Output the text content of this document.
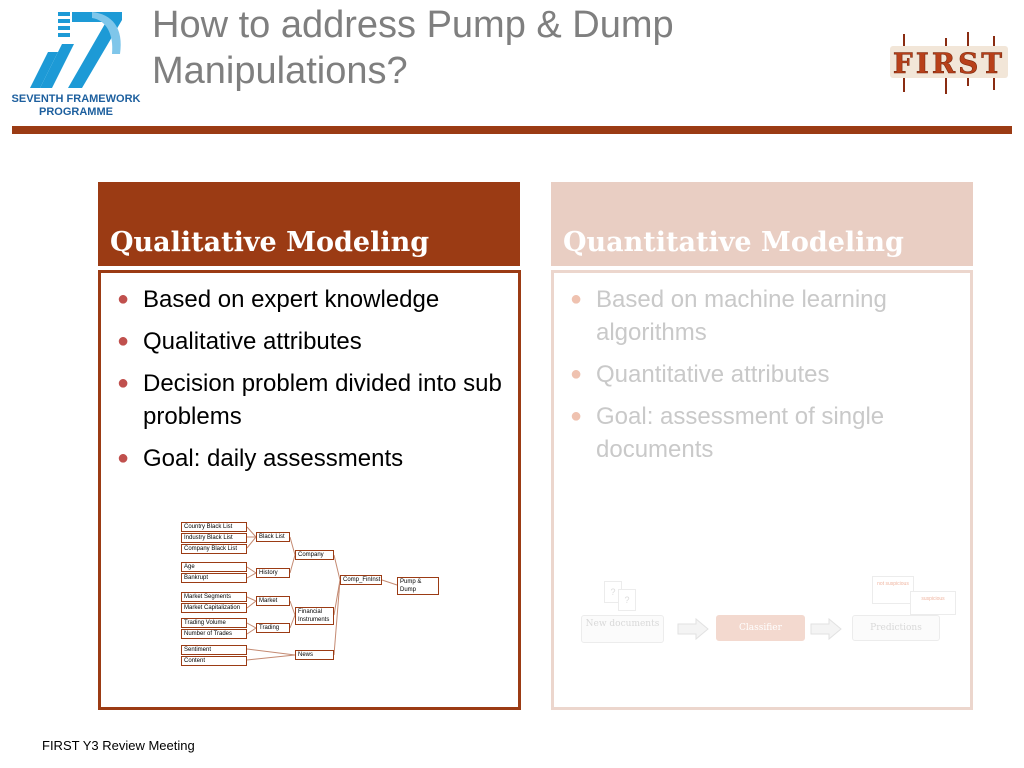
SEVENTH FRAMEWORK
PROGRAMME
How to address Pump & Dump Manipulations?	FIRST
Qualitative Modeling
● Based on expert knowledge
● Qualitative attributes
● Decision problem divided into sub problems
● Goal: daily assessments
Country Black List
Industry Black List
Company Black List
Age
Bankrupt
Market Segments
Market Capitalization
Trading Volume
Number of Trades
Sentiment
Content
Black List
History
Market
Trading
News
Company
Financial Instruments
Comp_FinInst	Pump & Dump
Quantitative Modeling
● Based on machine learning algorithms
● Quantitative attributes
● Goal: assessment of single documents
?
?
New documents	Classifier	Predictions
not suspicious
suspicious
FIRST Y3 Review Meeting
